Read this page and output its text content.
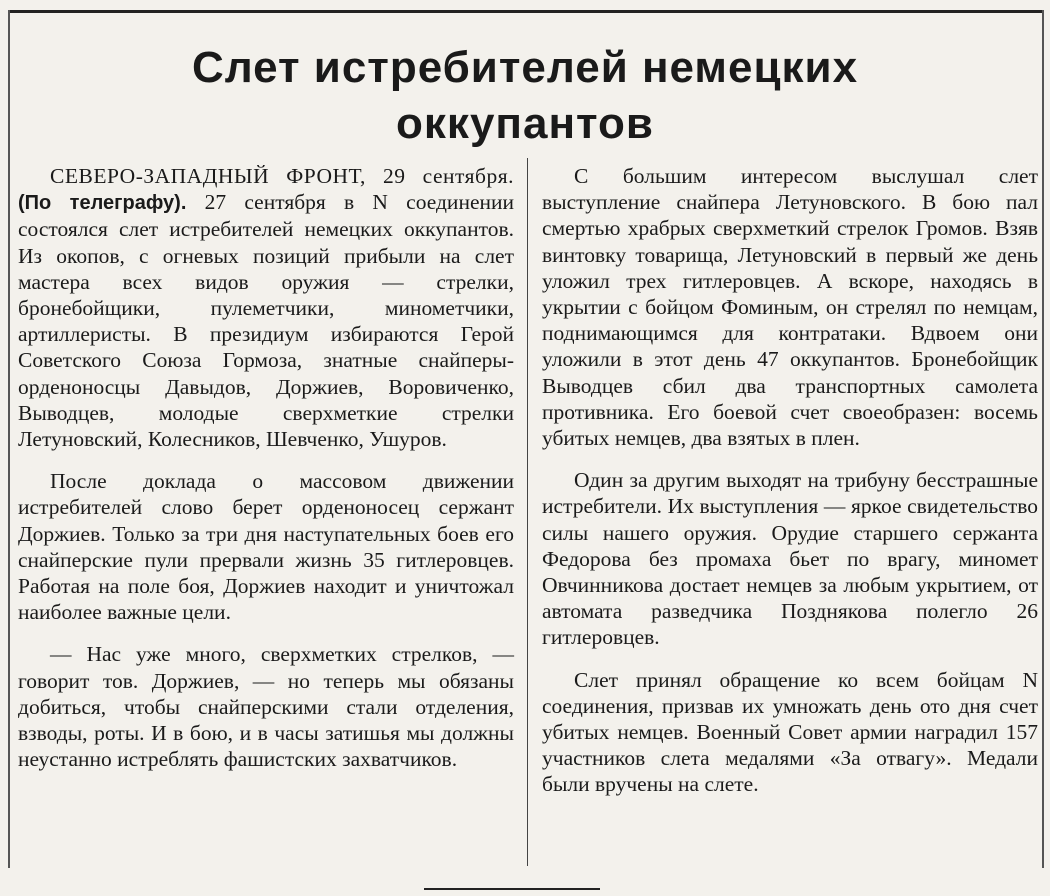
Слет истребителей немецких
оккупантов

СЕВЕРО-ЗАПАДНЫЙ ФРОНТ, 29 сентября. (По телеграфу). 27 сентября в N соединении состоялся слет истребителей немецких оккупантов. Из окопов, с огневых позиций прибыли на слет мастера всех видов оружия — стрелки, бронебойщики, пулеметчики, минометчики, артиллеристы. В президиум избираются Герой Советского Союза Гормоза, знатные снайперы-орденоносцы Давыдов, Доржиев, Воровиченко, Выводцев, молодые сверхметкие стрелки Летуновский, Колесников, Шевченко, Ушуров.

После доклада о массовом движении истребителей слово берет орденоносец сержант Доржиев. Только за три дня наступательных боев его снайперские пули прервали жизнь 35 гитлеровцев. Работая на поле боя, Доржиев находит и уничтожал наиболее важные цели.

— Нас уже много, сверхметких стрелков, — говорит тов. Доржиев, — но теперь мы обязаны добиться, чтобы снайперскими стали отделения, взводы, роты. И в бою, и в часы затишья мы должны неустанно истреблять фашистских захватчиков.

С большим интересом выслушал слет выступление снайпера Летуновского. В бою пал смертью храбрых сверхметкий стрелок Громов. Взяв винтовку товарища, Летуновский в первый же день уложил трех гитлеровцев. А вскоре, находясь в укрытии с бойцом Фоминым, он стрелял по немцам, поднимающимся для контратаки. Вдвоем они уложили в этот день 47 оккупантов. Бронебойщик Выводцев сбил два транспортных самолета противника. Его боевой счет своеобразен: восемь убитых немцев, два взятых в плен.

Один за другим выходят на трибуну бесстрашные истребители. Их выступления — яркое свидетельство силы нашего оружия. Орудие старшего сержанта Федорова без промаха бьет по врагу, миномет Овчинникова достает немцев за любым укрытием, от автомата разведчика Позднякова полегло 26 гитлеровцев.

Слет принял обращение ко всем бойцам N соединения, призвав их умножать день ото дня счет убитых немцев. Военный Совет армии наградил 157 участников слета медалями «За отвагу». Медали были вручены на слете.
